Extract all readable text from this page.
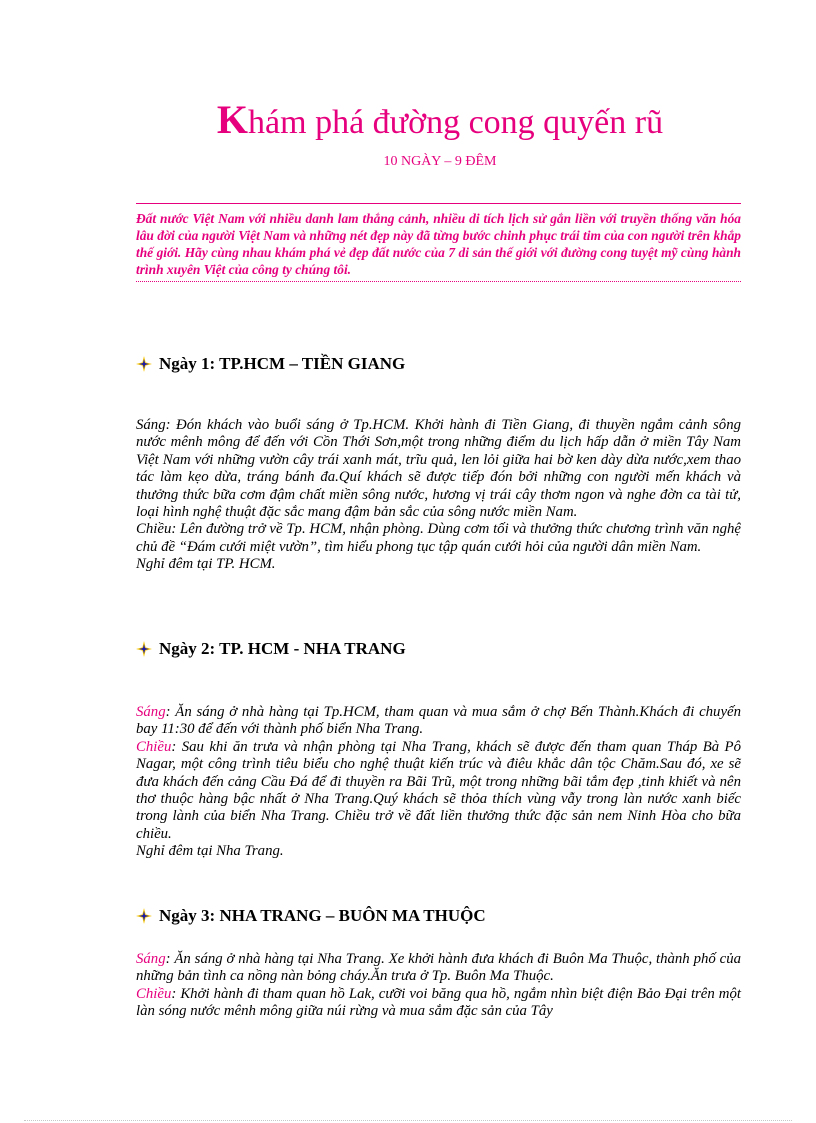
Khám phá đường cong quyến rũ
10 NGÀY – 9 ĐÊM
Đất nước Việt Nam với nhiều danh lam thắng cảnh, nhiều di tích lịch sử gắn liền với truyền thống văn hóa lâu đời của người Việt Nam và những nét đẹp này đã từng bước chinh phục trái tim của con người trên khắp thế giới. Hãy cùng nhau khám phá vẻ đẹp đất nước của 7 di sản thế giới với đường cong tuyệt mỹ cùng hành trình xuyên Việt của công ty chúng tôi.
Ngày 1: TP.HCM – TIỀN GIANG

Sáng: Đón khách vào buổi sáng ở Tp.HCM. Khởi hành đi Tiền Giang, đi thuyền ngắm cảnh sông nước mênh mông để đến với Cồn Thới Sơn,một trong những điểm du lịch hấp dẫn ở miền Tây Nam Việt Nam với những vườn cây trái xanh mát, trĩu quả, len lỏi giữa hai bờ ken dày dừa nước,xem thao tác làm kẹo dừa, tráng bánh đa.Quí khách sẽ được tiếp đón bởi những con người mến khách và thưởng thức bữa cơm đậm chất miền sông nước, hương vị trái cây thơm ngon và nghe đờn ca tài tử, loại hình nghệ thuật đặc sắc mang đậm bản sắc của sông nước miền Nam.

Chiều: Lên đường trở về Tp. HCM, nhận phòng. Dùng cơm tối và thưởng thức chương trình văn nghệ chủ đề “Đám cưới miệt vườn”, tìm hiểu phong tục tập quán cưới hỏi của người dân miền Nam.

Nghỉ đêm tại TP. HCM.

Ngày 2: TP. HCM - NHA TRANG

Sáng: Ăn sáng ở nhà hàng tại Tp.HCM, tham quan và mua sắm ở chợ Bến Thành.Khách đi chuyến bay 11:30 để đến với thành phố biển Nha Trang.

Chiều: Sau khi ăn trưa và nhận phòng tại Nha Trang, khách sẽ được đến tham quan Tháp Bà Pô Nagar, một công trình tiêu biểu cho nghệ thuật kiến trúc và điêu khắc dân tộc Chăm.Sau đó, xe sẽ đưa khách đến cảng Cầu Đá để đi thuyền ra Bãi Trũ, một trong những bãi tắm đẹp ,tinh khiết và nên thơ thuộc hàng bậc nhất ở Nha Trang.Quý khách sẽ thỏa thích vùng vẫy trong làn nước xanh biếc trong lành của biển Nha Trang. Chiều trở về đất liền thưởng thức đặc sản nem Ninh Hòa cho bữa chiều.

Nghỉ đêm tại Nha Trang.

Ngày 3: NHA TRANG – BUÔN MA THUỘC

Sáng: Ăn sáng ở nhà hàng tại Nha Trang. Xe khởi hành đưa khách đi Buôn Ma Thuộc, thành phố của những bản tình ca nồng nàn bỏng cháy.Ăn trưa ở Tp. Buôn Ma Thuộc.

Chiều: Khởi hành đi tham quan hồ Lak, cưỡi voi băng qua hồ, ngắm nhìn biệt điện Bảo Đại trên một làn sóng nước mênh mông giữa núi rừng và mua sắm đặc sản của Tây
